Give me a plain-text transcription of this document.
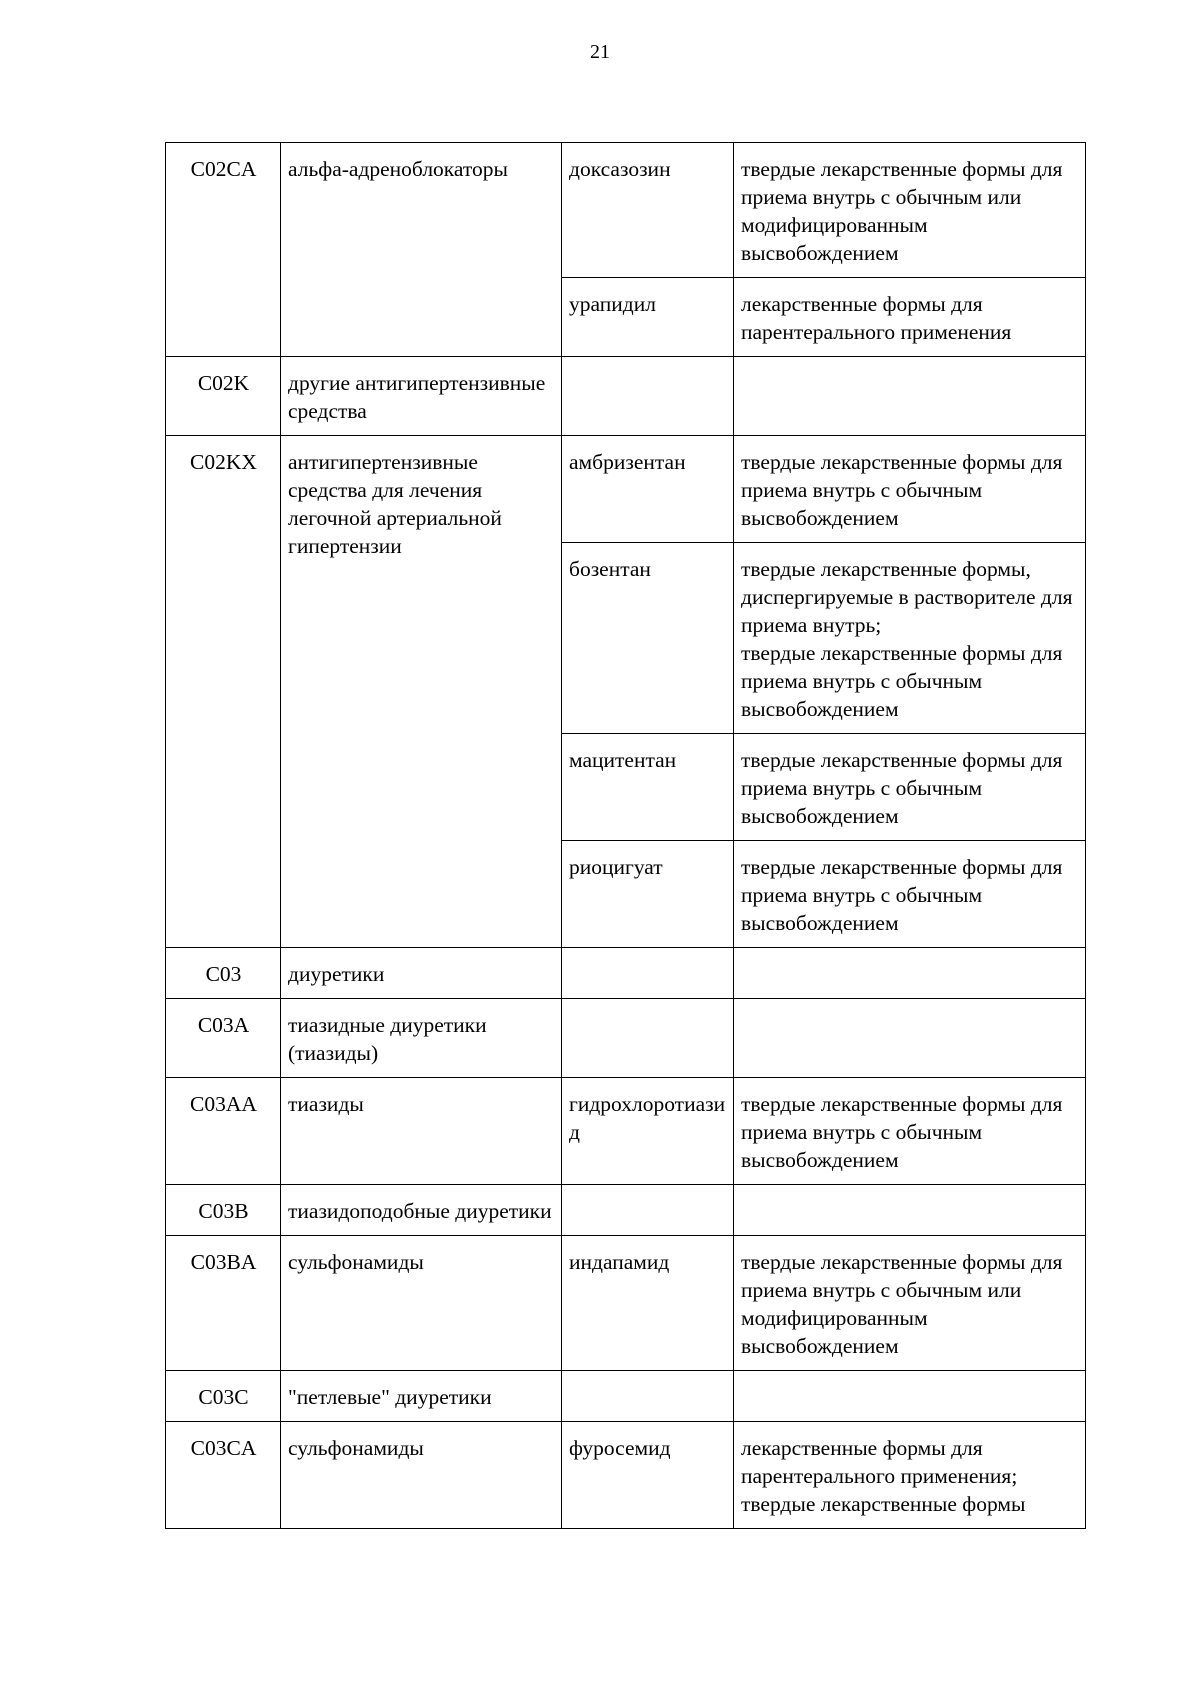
21
C02CA	альфа-адреноблокаторы	доксазозин	твердые лекарственные формы для приема внутрь с обычным или модифицированным высвобождением
		урапидил	лекарственные формы для парентерального применения
C02K	другие антигипертензивные средства		
C02KX	антигипертензивные средства для лечения легочной артериальной гипертензии	амбризентан	твердые лекарственные формы для приема внутрь с обычным высвобождением
		бозентан	твердые лекарственные формы, диспергируемые в растворителе для приема внутрь;
твердые лекарственные формы для приема внутрь с обычным высвобождением

		мацитентан	твердые лекарственные формы для приема внутрь с обычным высвобождением
		риоцигуат	твердые лекарственные формы для приема внутрь с обычным высвобождением
C03	диуретики		
C03A	тиазидные диуретики (тиазиды)		
C03AA	тиазиды	гидрохлоротиазид	твердые лекарственные формы для приема внутрь с обычным высвобождением
C03B	тиазидоподобные диуретики		
C03BA	сульфонамиды	индапамид	твердые лекарственные формы для приема внутрь с обычным или модифицированным высвобождением
C03C	"петлевые" диуретики		
C03CA	сульфонамиды	фуросемид	лекарственные формы для парентерального применения;
твердые лекарственные формы
